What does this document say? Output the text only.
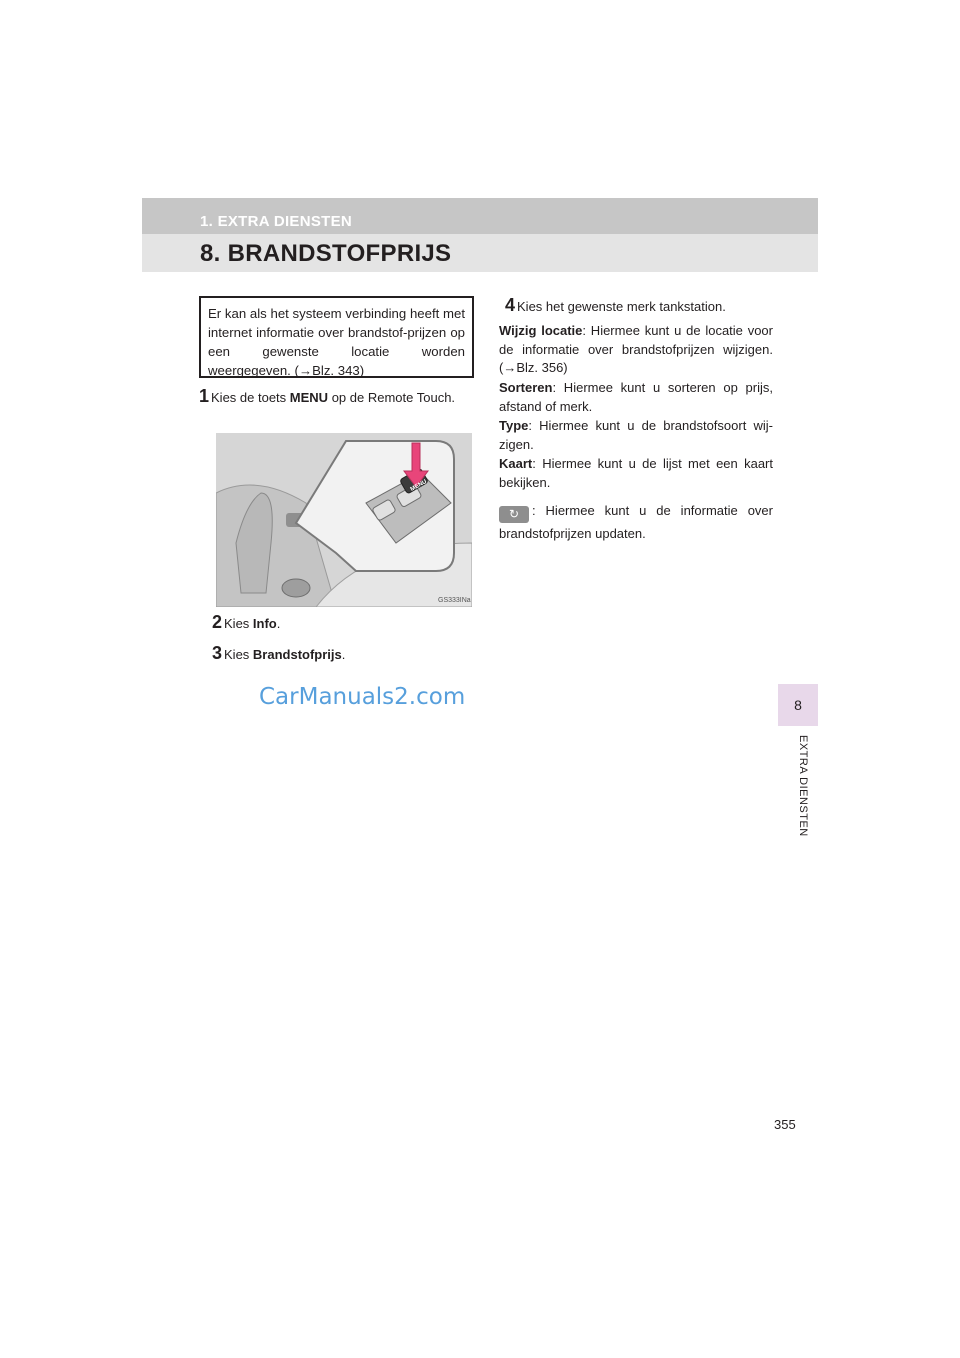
1. EXTRA DIENSTEN
8. BRANDSTOFPRIJS
Er kan als het systeem verbinding heeft met internet informatie over brandstof-prijzen op een gewenste locatie worden weergegeven. (→Blz. 343)
1 Kies de toets MENU op de Remote Touch.
MENU
GS333INa
2 Kies Info.
3 Kies Brandstofprijs.
4 Kies het gewenste merk tankstation.
Wijzig locatie: Hiermee kunt u de locatie voor de informatie over brandstofprijzen wijzigen. (→Blz. 356)
Sorteren: Hiermee kunt u sorteren op prijs, afstand of merk.
Type: Hiermee kunt u de brandstofsoort wij-zigen.
Kaart: Hiermee kunt u de lijst met een kaart bekijken.
↻ : Hiermee kunt u de informatie over brandstofprijzen updaten.
CarManuals2.com	8
EXTRA DIENSTEN
355
